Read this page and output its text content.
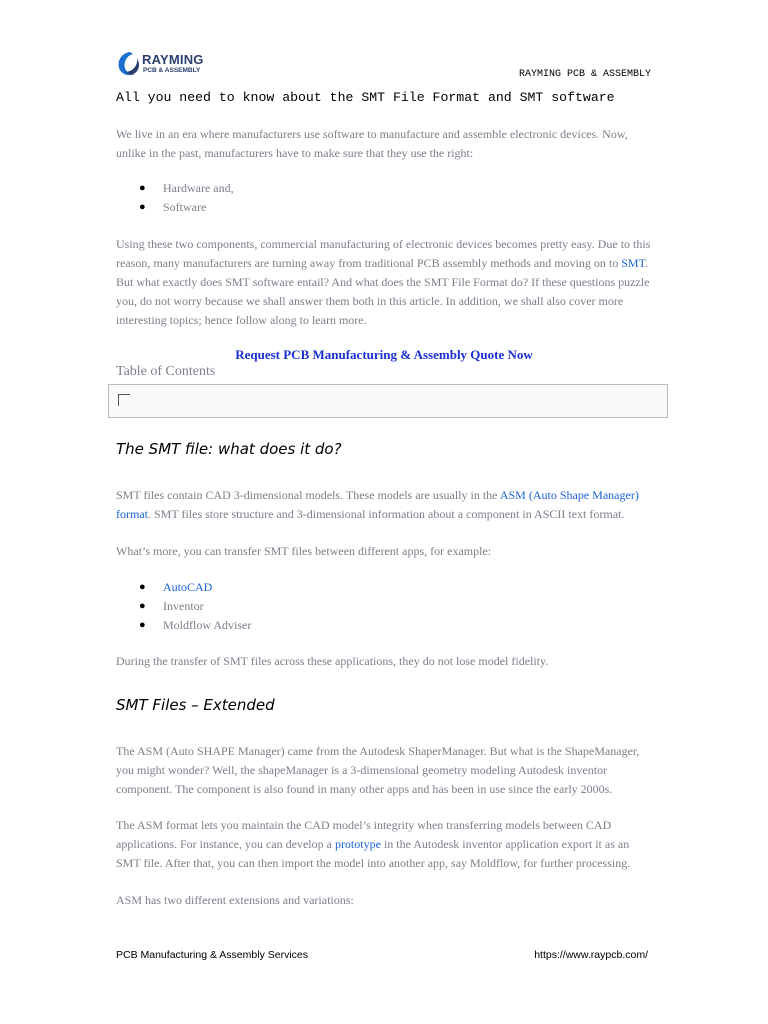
RAYMING
PCB & ASSEMBLY	RAYMING PCB & ASSEMBLY
All you need to know about the SMT File Format and SMT software

We live in an era where manufacturers use software to manufacture and assemble electronic devices. Now, unlike in the past, manufacturers have to make sure that they use the right:

● Hardware and,
● Software

Using these two components, commercial manufacturing of electronic devices becomes pretty easy. Due to this reason, many manufacturers are turning away from traditional PCB assembly methods and moving on to SMT. But what exactly does SMT software entail? And what does the SMT File Format do? If these questions puzzle you, do not worry because we shall answer them both in this article. In addition, we shall also cover more interesting topics; hence follow along to learn more.

Request PCB Manufacturing & Assembly Quote Now
Table of Contents
The SMT file: what does it do?

SMT files contain CAD 3-dimensional models. These models are usually in the ASM (Auto Shape Manager) format. SMT files store structure and 3-dimensional information about a component in ASCII text format.

What’s more, you can transfer SMT files between different apps, for example:

● AutoCAD
● Inventor
● Moldflow Adviser

During the transfer of SMT files across these applications, they do not lose model fidelity.

SMT Files – Extended

The ASM (Auto SHAPE Manager) came from the Autodesk ShaperManager. But what is the ShapeManager, you might wonder? Well, the shapeManager is a 3-dimensional geometry modeling Autodesk inventor component. The component is also found in many other apps and has been in use since the early 2000s.

The ASM format lets you maintain the CAD model’s integrity when transferring models between CAD applications. For instance, you can develop a prototype in the Autodesk inventor application export it as an SMT file. After that, you can then import the model into another app, say Moldflow, for further processing.

ASM has two different extensions and variations:

PCB Manufacturing & Assembly Services	https://www.raypcb.com/
